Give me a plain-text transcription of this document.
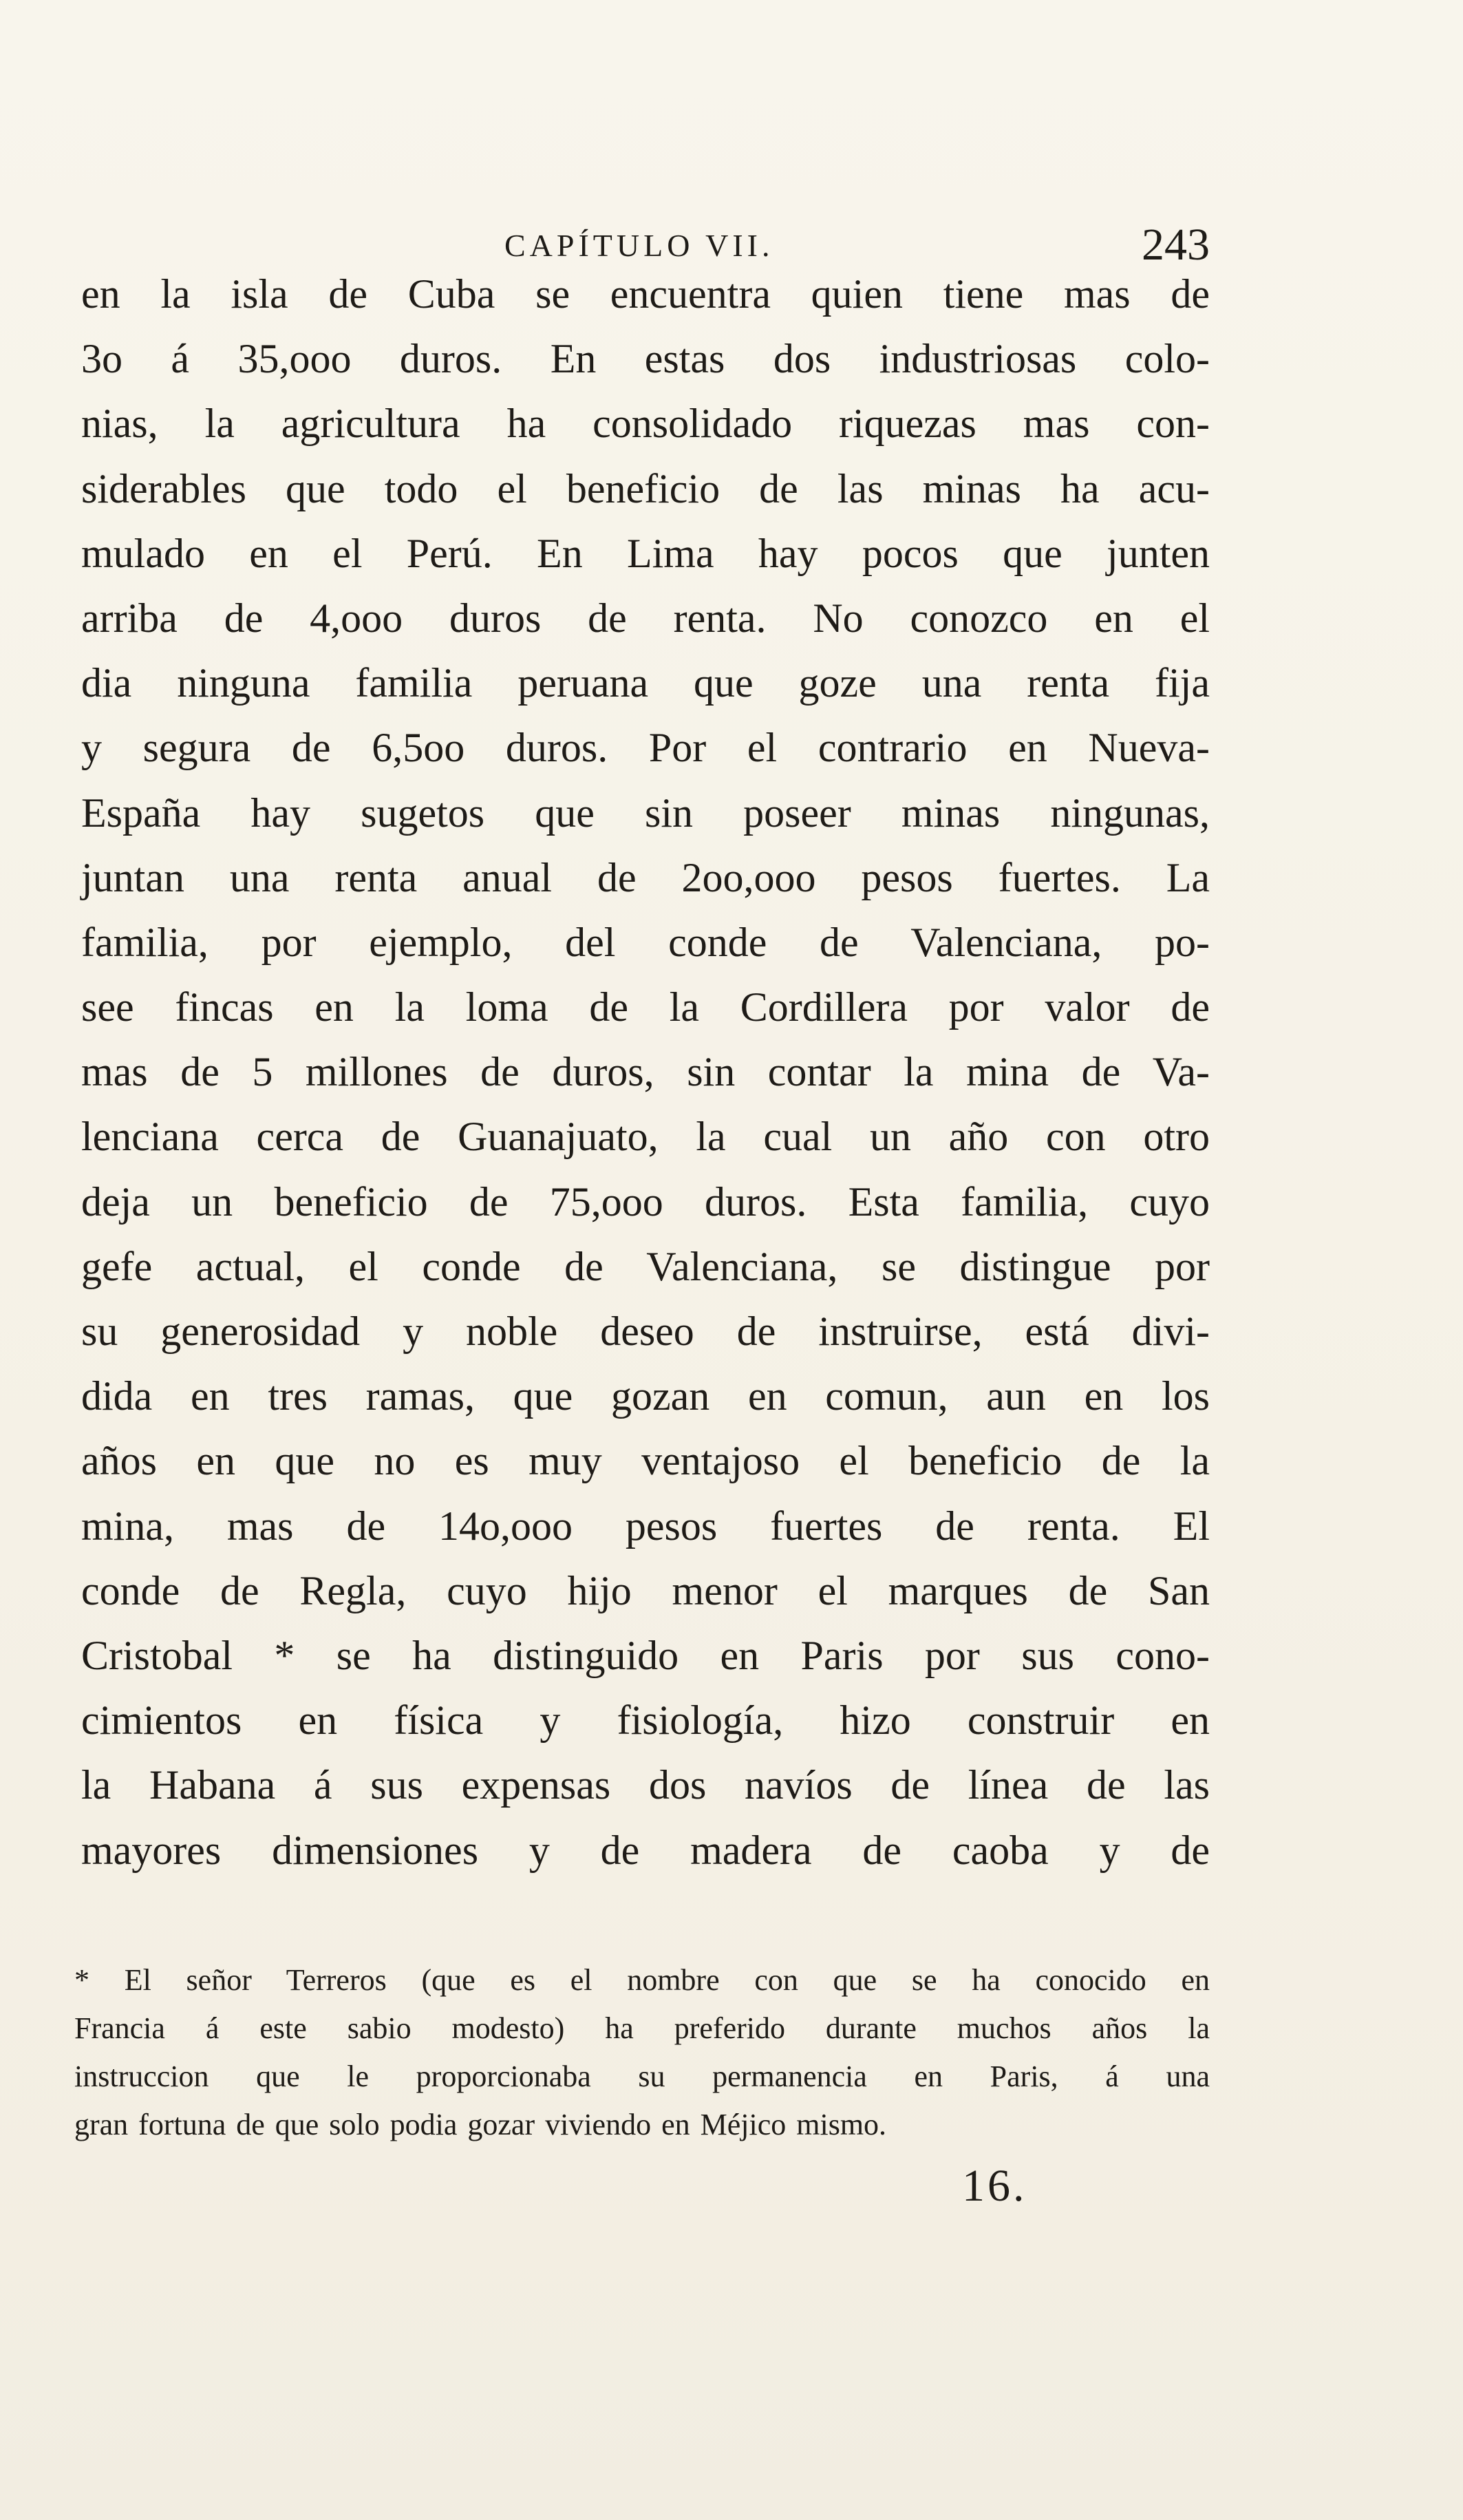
CAPÍTULO VII.	243
en la isla de Cuba se encuentra quien tiene mas de
3o á 35,ooo duros. En estas dos industriosas colo-
nias, la agricultura ha consolidado riquezas mas con-
siderables que todo el beneficio de las minas ha acu-
mulado en el Perú. En Lima hay pocos que junten
arriba de 4,ooo duros de renta. No conozco en el
dia ninguna familia peruana que goze una renta fija
y segura de 6,5oo duros. Por el contrario en Nueva-
España hay sugetos que sin poseer minas ningunas,
juntan una renta anual de 2oo,ooo pesos fuertes. La
familia, por ejemplo, del conde de Valenciana, po-
see fincas en la loma de la Cordillera por valor de
mas de 5 millones de duros, sin contar la mina de Va-
lenciana cerca de Guanajuato, la cual un año con otro
deja un beneficio de 75,ooo duros. Esta familia, cuyo
gefe actual, el conde de Valenciana, se distingue por
su generosidad y noble deseo de instruirse, está divi-
dida en tres ramas, que gozan en comun, aun en los
años en que no es muy ventajoso el beneficio de la
mina, mas de 14o,ooo pesos fuertes de renta. El
conde de Regla, cuyo hijo menor el marques de San
Cristobal * se ha distinguido en Paris por sus cono-
cimientos en física y fisiología, hizo construir en
la Habana á sus expensas dos navíos de línea de las
mayores dimensiones y de madera de caoba y de
* El señor Terreros (que es el nombre con que se ha conocido en
Francia á este sabio modesto) ha preferido durante muchos años la
instruccion que le proporcionaba su permanencia en Paris, á una
gran fortuna de que solo podia gozar viviendo en Méjico mismo.
16.
